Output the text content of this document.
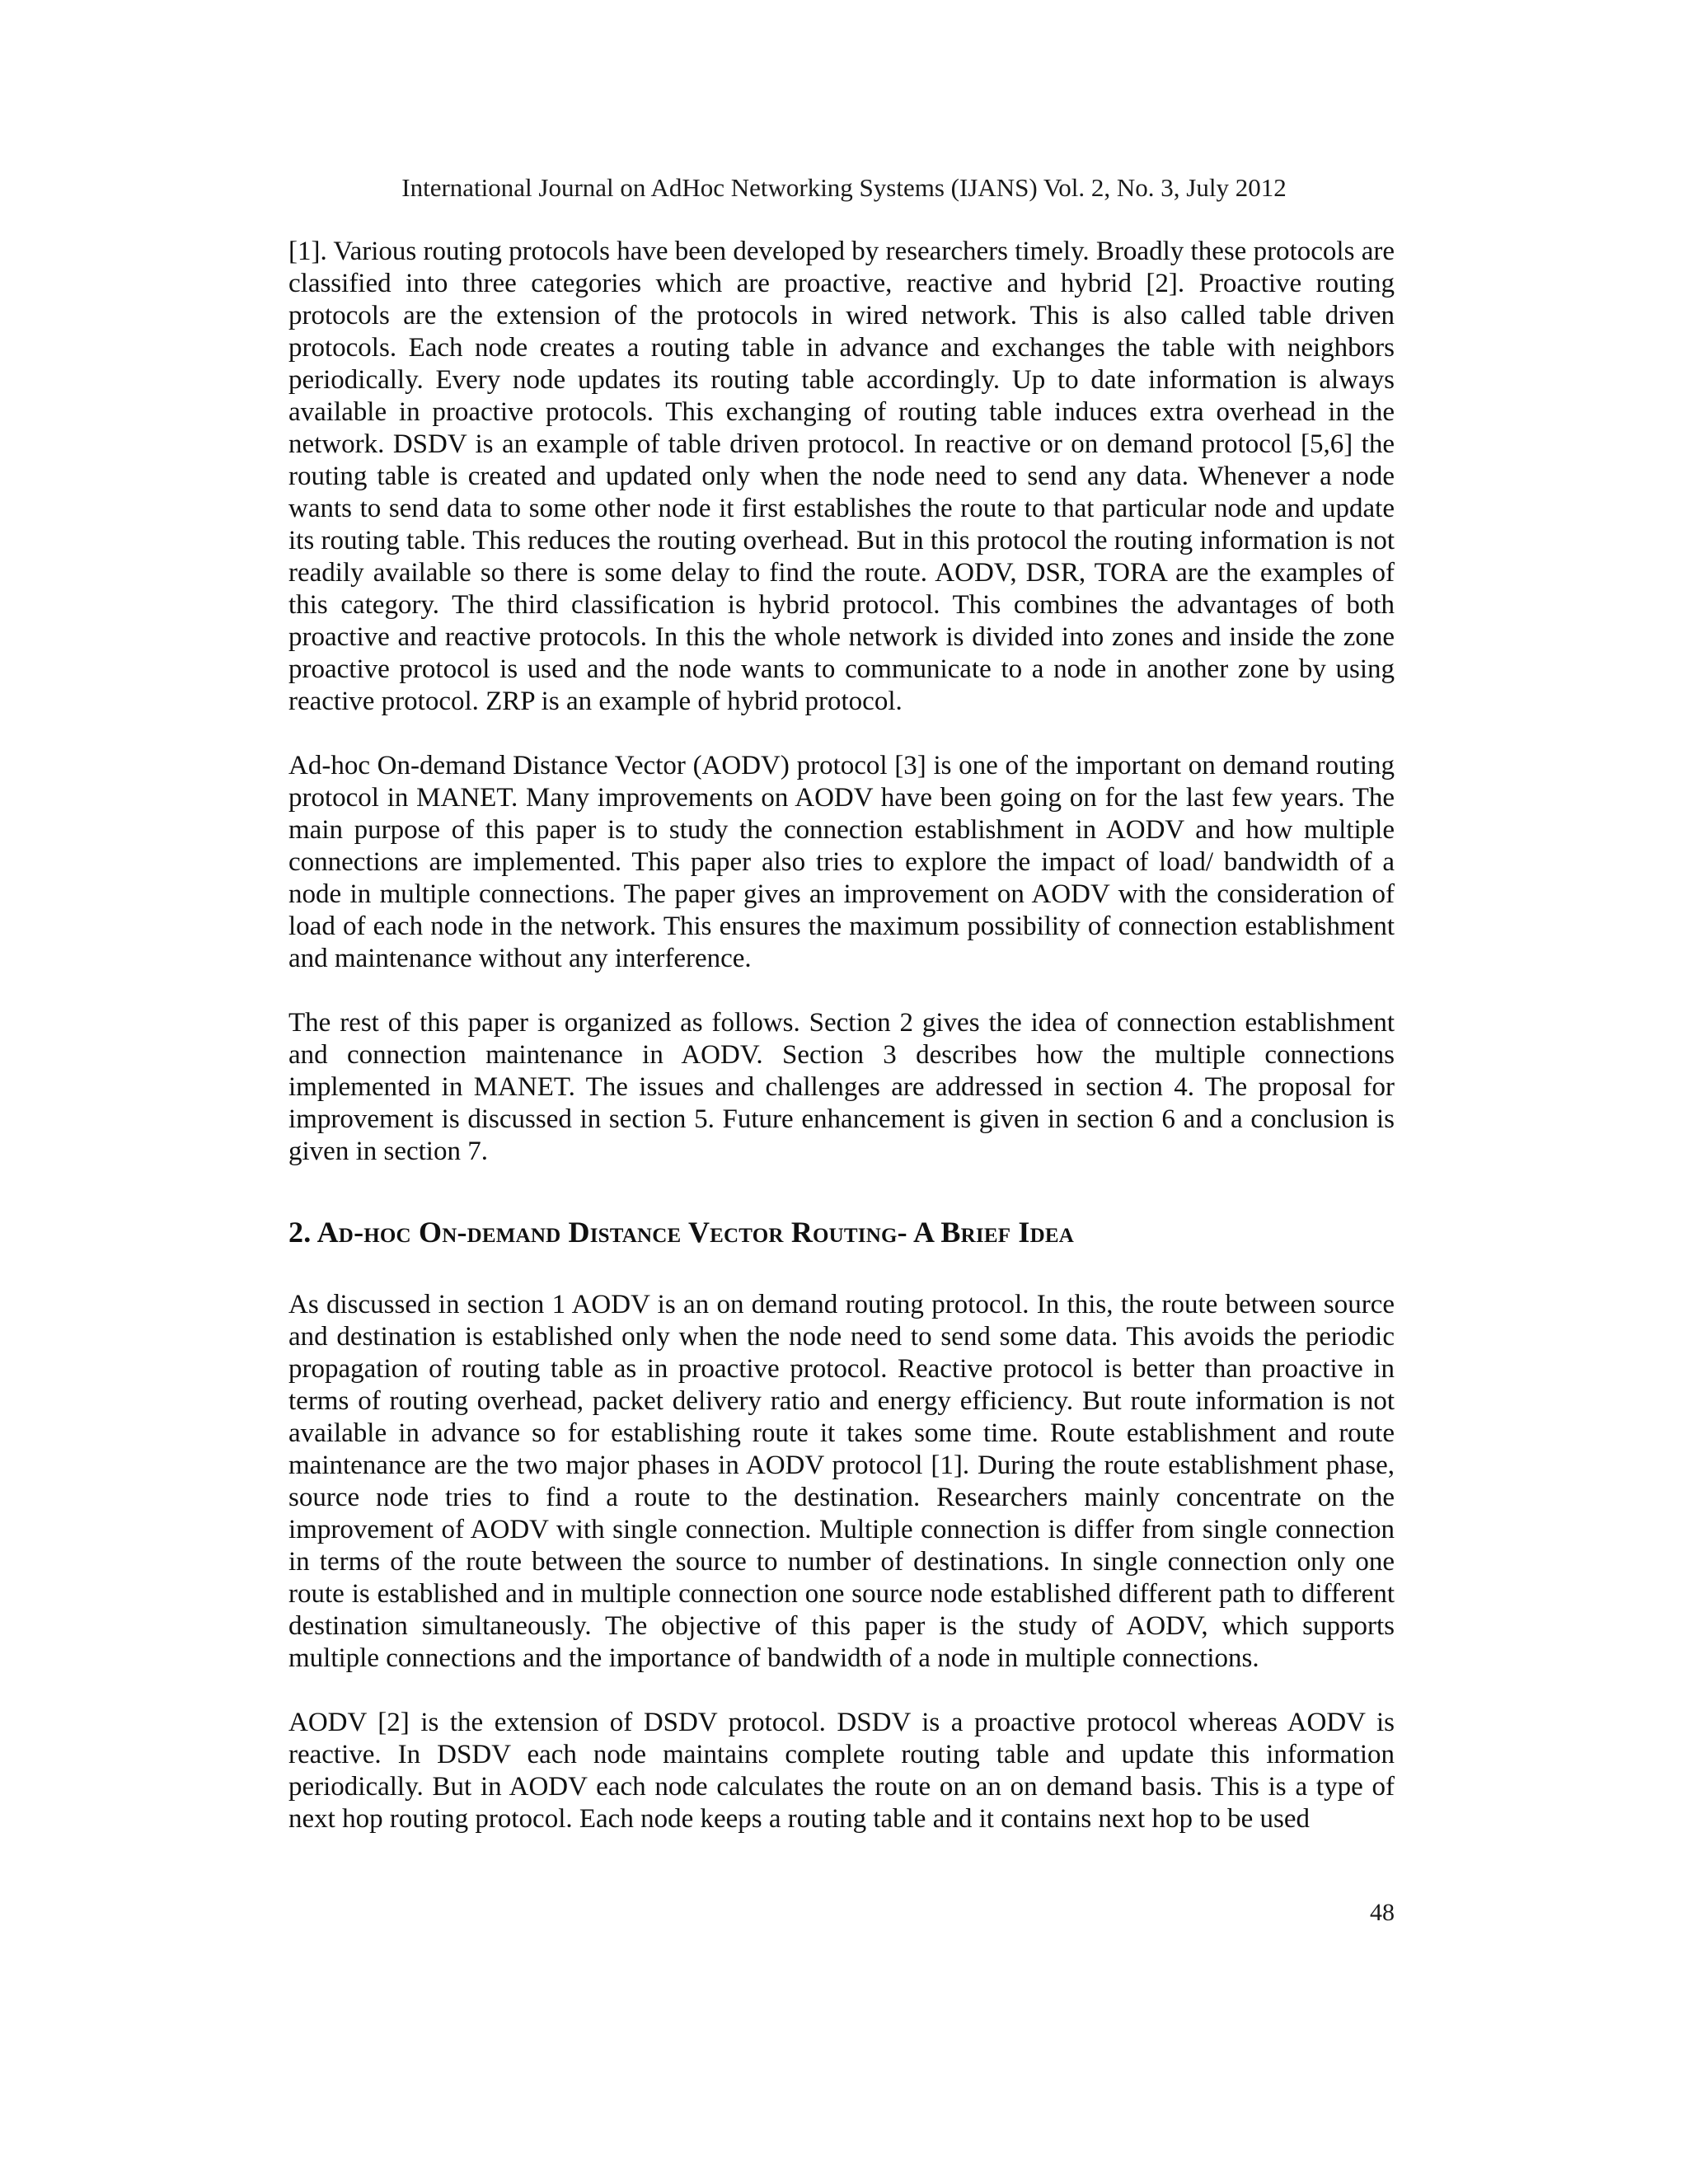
International Journal on AdHoc Networking Systems (IJANS) Vol. 2, No. 3, July 2012

[1]. Various routing protocols have been developed by researchers timely. Broadly these protocols are classified into three categories which are proactive, reactive and hybrid [2]. Proactive routing protocols are the extension of the protocols in wired network. This is also called table driven protocols. Each node creates a routing table in advance and exchanges the table with neighbors periodically. Every node updates its routing table accordingly. Up to date information is always available in proactive protocols. This exchanging of routing table induces extra overhead in the network. DSDV is an example of table driven protocol. In reactive or on demand protocol [5,6] the routing table is created and updated only when the node need to send any data. Whenever a node wants to send data to some other node it first establishes the route to that particular node and update its routing table. This reduces the routing overhead. But in this protocol the routing information is not readily available so there is some delay to find the route. AODV, DSR, TORA are the examples of this category. The third classification is hybrid protocol. This combines the advantages of both proactive and reactive protocols. In this the whole network is divided into zones and inside the zone proactive protocol is used and the node wants to communicate to a node in another zone by using reactive protocol. ZRP is an example of hybrid protocol.

Ad-hoc On-demand Distance Vector (AODV) protocol [3] is one of the important on demand routing protocol in MANET. Many improvements on AODV have been going on for the last few years. The main purpose of this paper is to study the connection establishment in AODV and how multiple connections are implemented. This paper also tries to explore the impact of load/ bandwidth of a node in multiple connections. The paper gives an improvement on AODV with the consideration of load of each node in the network. This ensures the maximum possibility of connection establishment and maintenance without any interference.

The rest of this paper is organized as follows. Section 2 gives the idea of connection establishment and connection maintenance in AODV. Section 3 describes how the multiple connections implemented in MANET. The issues and challenges are addressed in section 4. The proposal for improvement is discussed in section 5. Future enhancement is given in section 6 and a conclusion is given in section 7.

2. Ad-hoc On-demand Distance Vector Routing- A Brief Idea

As discussed in section 1 AODV is an on demand routing protocol. In this, the route between source and destination is established only when the node need to send some data. This avoids the periodic propagation of routing table as in proactive protocol. Reactive protocol is better than proactive in terms of routing overhead, packet delivery ratio and energy efficiency. But route information is not available in advance so for establishing route it takes some time. Route establishment and route maintenance are the two major phases in AODV protocol [1]. During the route establishment phase, source node tries to find a route to the destination. Researchers mainly concentrate on the improvement of AODV with single connection. Multiple connection is differ from single connection in terms of the route between the source to number of destinations. In single connection only one route is established and in multiple connection one source node established different path to different destination simultaneously. The objective of this paper is the study of AODV, which supports multiple connections and the importance of bandwidth of a node in multiple connections.

AODV [2] is the extension of DSDV protocol. DSDV is a proactive protocol whereas AODV is reactive. In DSDV each node maintains complete routing table and update this information periodically. But in AODV each node calculates the route on an on demand basis. This is a type of next hop routing protocol. Each node keeps a routing table and it contains next hop to be used

48
